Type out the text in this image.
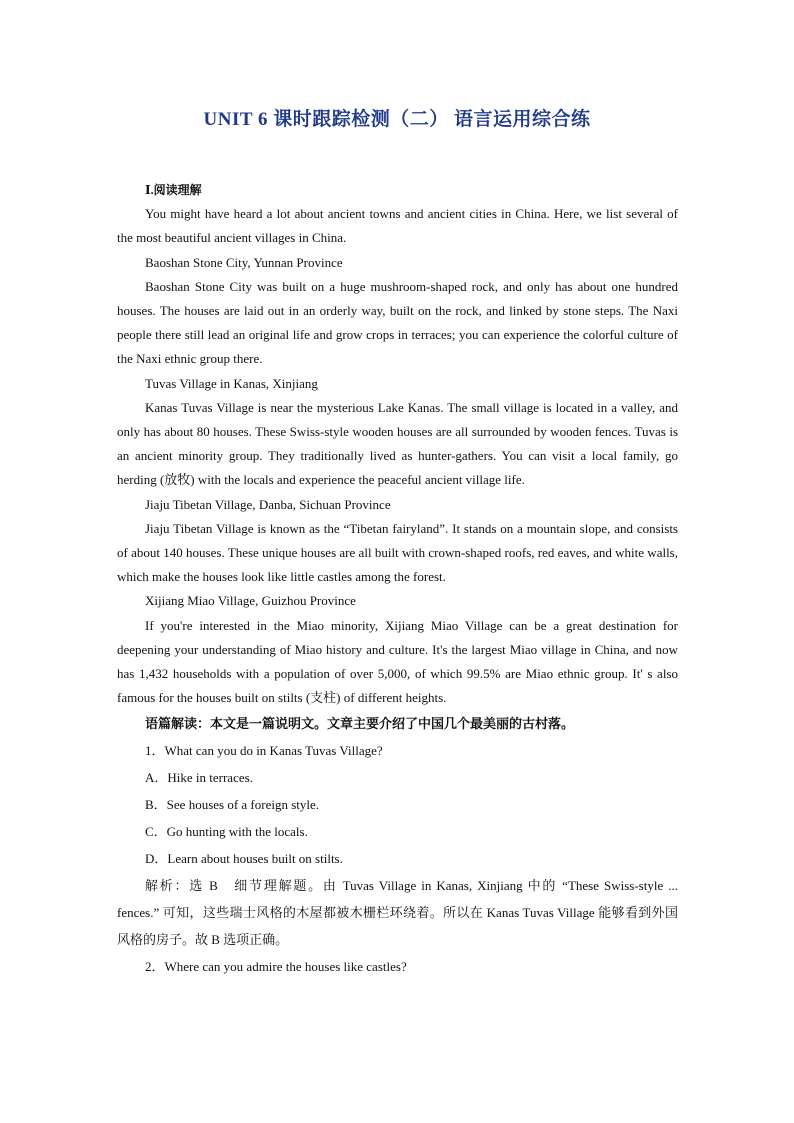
UNIT 6 课时跟踪检测（二） 语言运用综合练

Ⅰ.阅读理解

You might have heard a lot about ancient towns and ancient cities in China. Here, we list several of the most beautiful ancient villages in China.

Baoshan Stone City, Yunnan Province

Baoshan Stone City was built on a huge mushroom-shaped rock, and only has about one hundred houses. The houses are laid out in an orderly way, built on the rock, and linked by stone steps. The Naxi people there still lead an original life and grow crops in terraces; you can experience the colorful culture of the Naxi ethnic group there.

Tuvas Village in Kanas, Xinjiang

Kanas Tuvas Village is near the mysterious Lake Kanas. The small village is located in a valley, and only has about 80 houses. These Swiss-style wooden houses are all surrounded by wooden fences. Tuvas is an ancient minority group. They traditionally lived as hunter-gathers. You can visit a local family, go herding (放牧) with the locals and experience the peaceful ancient village life.

Jiaju Tibetan Village, Danba, Sichuan Province

Jiaju Tibetan Village is known as the “Tibetan fairyland”. It stands on a mountain slope, and consists of about 140 houses. These unique houses are all built with crown-shaped roofs, red eaves, and white walls, which make the houses look like little castles among the forest.

Xijiang Miao Village, Guizhou Province

If you're interested in the Miao minority, Xijiang Miao Village can be a great destination for deepening your understanding of Miao history and culture. It's the largest Miao village in China, and now has 1,432 households with a population of over 5,000, of which 99.5% are Miao ethnic group. It' s also famous for the houses built on stilts (支柱) of different heights.

语篇解读：本文是一篇说明文。文章主要介绍了中国几个最美丽的古村落。

1．What can you do in Kanas Tuvas Village?

A．Hike in terraces.

B．See houses of a foreign style.

C．Go hunting with the locals.

D．Learn about houses built on stilts.

解析：选 B　细节理解题。由 Tuvas Village in Kanas, Xinjiang 中的 “These Swiss-style ... fences.” 可知，这些瑞士风格的木屋都被木栅栏环绕着。所以在 Kanas Tuvas Village 能够看到外国风格的房子。故 B 选项正确。

2．Where can you admire the houses like castles?
